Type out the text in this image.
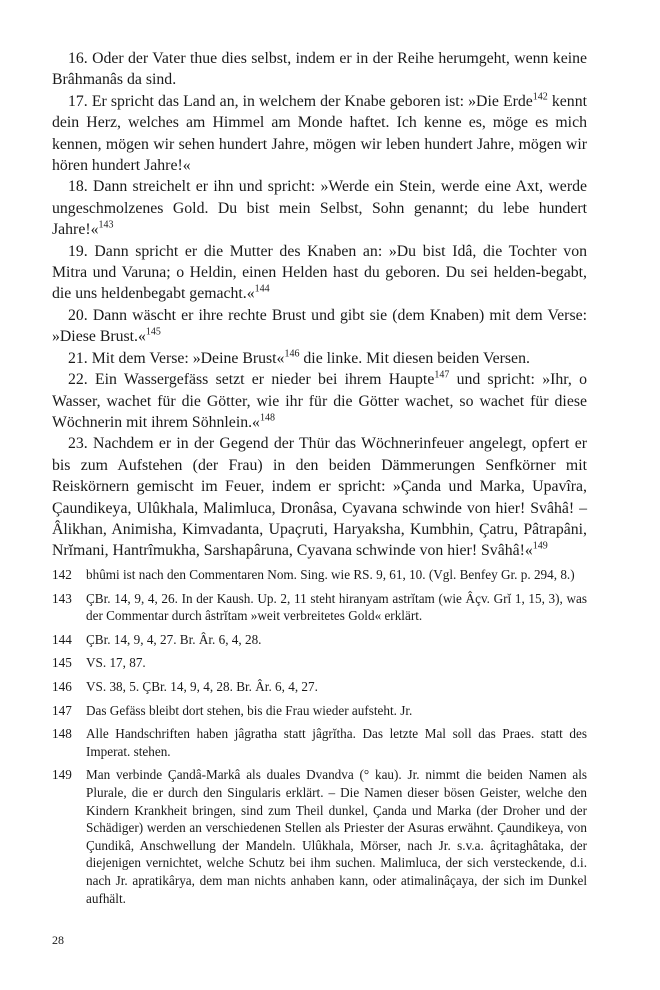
16. Oder der Vater thue dies selbst, indem er in der Reihe herumgeht, wenn keine Brâhmanâs da sind.

17. Er spricht das Land an, in welchem der Knabe geboren ist: »Die Erde$^{142}$ kennt dein Herz, welches am Himmel am Monde haftet. Ich kenne es, möge es mich kennen, mögen wir sehen hundert Jahre, mögen wir leben hundert Jahre, mögen wir hören hundert Jahre!«

18. Dann streichelt er ihn und spricht: »Werde ein Stein, werde eine Axt, werde ungeschmolzenes Gold. Du bist mein Selbst, Sohn genannt; du lebe hundert Jahre!«$^{143}$

19. Dann spricht er die Mutter des Knaben an: »Du bist Idâ, die Tochter von Mitra und Varuna; o Heldin, einen Helden hast du geboren. Du sei helden-begabt, die uns heldenbegabt gemacht.«$^{144}$

20. Dann wäscht er ihre rechte Brust und gibt sie (dem Knaben) mit dem Verse: »Diese Brust.«$^{145}$

21. Mit dem Verse: »Deine Brust«$^{146}$ die linke. Mit diesen beiden Versen.

22. Ein Wassergefäss setzt er nieder bei ihrem Haupte$^{147}$ und spricht: »Ihr, o Wasser, wachet für die Götter, wie ihr für die Götter wachet, so wachet für diese Wöchnerin mit ihrem Söhnlein.«$^{148}$

23. Nachdem er in der Gegend der Thür das Wöchnerinfeuer angelegt, opfert er bis zum Aufstehen (der Frau) in den beiden Dämmerungen Senfkörner mit Reiskörnern gemischt im Feuer, indem er spricht: »Çanda und Marka, Upavîra, Çaundikeya, Ulûkhala, Malimluca, Dronâsa, Cyavana schwinde von hier! Svâhâ! – Âlikhan, Animisha, Kimvadanta, Upaçruti, Haryaksha, Kumbhin, Çatru, Pâtrapâni, Nrĭmani, Hantrîmukha, Sarshapâruna, Cyavana schwinde von hier! Svâhâ!«$^{149}$

142	bhûmi ist nach den Commentaren Nom. Sing. wie RS. 9, 61, 10. (Vgl. Benfey Gr. p. 294, 8.)
143	ÇBr. 14, 9, 4, 26. In der Kaush. Up. 2, 11 steht hiranyam astrĭtam (wie Âçv. Grĭ 1, 15, 3), was der Commentar durch âstrĭtam »weit verbreitetes Gold« erklärt.
144	ÇBr. 14, 9, 4, 27. Br. Âr. 6, 4, 28.
145	VS. 17, 87.
146	VS. 38, 5. ÇBr. 14, 9, 4, 28. Br. Âr. 6, 4, 27.
147	Das Gefäss bleibt dort stehen, bis die Frau wieder aufsteht. Jr.
148	Alle Handschriften haben jâgratha statt jâgrĭtha. Das letzte Mal soll das Praes. statt des Imperat. stehen.
149	Man verbinde Çandâ-Markâ als duales Dvandva (° kau). Jr. nimmt die beiden Namen als Plurale, die er durch den Singularis erklärt. – Die Namen dieser bösen Geister, welche den Kindern Krankheit bringen, sind zum Theil dunkel, Çanda und Marka (der Droher und der Schädiger) werden an verschiedenen Stellen als Priester der Asuras erwähnt. Çaundikeya, von Çundikâ, Anschwellung der Mandeln. Ulûkhala, Mörser, nach Jr. s.v.a. âçritaghâtaka, der diejenigen vernichtet, welche Schutz bei ihm suchen. Malimluca, der sich versteckende, d.i. nach Jr. apratikârya, dem man nichts anhaben kann, oder atimalinâçaya, der sich im Dunkel aufhält.
28
